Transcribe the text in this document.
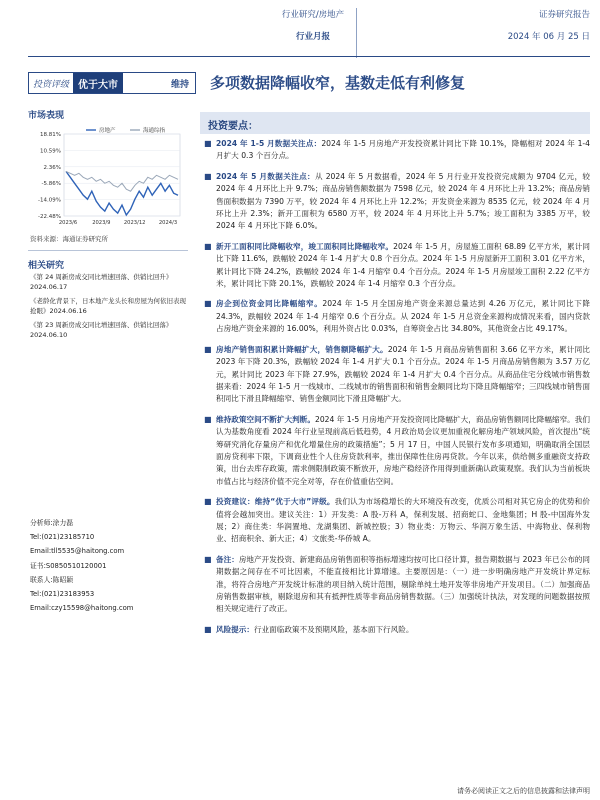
行业研究/房地产
行业月报
证券研究报告
2024 年 06 月 25 日
投资评级 优于大市	维持	多项数据降幅收窄，基数走低有利修复
市场表现
18.81%
10.59%
2.36%
-5.86%
-14.09%
-22.48%
2023/6	2023/9	2023/12	2024/3
房地产	海通综指
资料来源：海通证券研究所
相关研究
《第 24 周新房成交同比增速回落、供销比回升》2024.06.17
《老龄化背景下，日本地产龙头长和房屋为何依旧表现抢眼》2024.06.16
《第 23 周新房成交同比增速回落、供销比回落》2024.06.10
分析师:涂力磊
Tel:(021)23185710
Email:tll5535@haitong.com
证书:S0850510120001
联系人:陈昭颖
Tel:(021)23183953
Email:czy15598@haitong.com
投资要点：
■ 2024 年 1-5 月数据关注点：2024 年 1-5 月房地产开发投资累计同比下降 10.1%，降幅相对 2024 年 1-4 月扩大 0.3 个百分点。
■ 2024 年 5 月数据关注点：从 2024 年 5 月数据看，2024 年 5 月行业开发投资完成额为 9704 亿元，较 2024 年 4 月环比上升 9.7%；商品房销售额数据为 7598 亿元，较 2024 年 4 月环比上升 13.2%；商品房销售面积数据为 7390 万平，较 2024 年 4 月环比上升 12.2%；开发资金来源为 8535 亿元，较 2024 年 4 月环比上升 2.3%；新开工面积为 6580 万平，较 2024 年 4 月环比上升 5.7%；竣工面积为 3385 万平，较 2024 年 4 月环比下降 6.0%。
■ 新开工面积同比降幅收窄，竣工面积同比降幅收窄。2024 年 1-5 月，房屋施工面积 68.89 亿平方米，累计同比下降 11.6%，跌幅较 2024 年 1-4 月扩大 0.8 个百分点。2024 年 1-5 月房屋新开工面积 3.01 亿平方米，累计同比下降 24.2%，跌幅较 2024 年 1-4 月缩窄 0.4 个百分点。2024 年 1-5 月房屋竣工面积 2.22 亿平方米，累计同比下降 20.1%，跌幅较 2024 年 1-4 月缩窄 0.3 个百分点。
■ 房企到位资金同比降幅缩窄。2024 年 1-5 月全国房地产资金来源总量达到 4.26 万亿元，累计同比下降 24.3%，跌幅较 2024 年 1-4 月缩窄 0.6 个百分点。从 2024 年 1-5 月总资金来源构成情况来看，国内贷款占房地产资金来源的 16.00%，利用外资占比 0.03%，自筹资金占比 34.80%，其他资金占比 49.17%。
■ 房地产销售面积累计降幅扩大，销售额降幅扩大。2024 年 1-5 月商品房销售面积 3.66 亿平方米，累计同比 2023 年下降 20.3%，跌幅较 2024 年 1-4 月扩大 0.1 个百分点。2024 年 1-5 月商品房销售额为 3.57 万亿元，累计同比 2023 年下降 27.9%，跌幅较 2024 年 1-4 月扩大 0.4 个百分点。从商品住宅分线城市销售数据来看：2024 年 1-5 月一线城市、二线城市的销售面积和销售金额同比均下降且降幅缩窄；三四线城市销售面积同比下滑且降幅缩窄、销售金额同比下滑且降幅扩大。
■ 维持政策空间不断扩大判断。2024 年 1-5 月房地产开发投资同比降幅扩大，商品房销售额同比降幅缩窄。我们认为基数角度看 2024 年行业呈现前高后低趋势，4 月政治局会议更加重视化解房地产领域风险，首次提出“统筹研究消化存量房产和优化增量住房的政策措施”；5 月 17 日，中国人民银行发布多项通知，明确取消全国层面房贷利率下限，下调商业性个人住房贷款利率，推出保障性住房再贷款。今年以来，供给侧多重融资支持政策，出台去库存政策，需求侧限制政策不断放开，房地产稳经济作用得到重新确认政策观察。我们认为当前板块市值占比与经济价值不完全对等，存在价值重估空间。
■ 投资建议：维持“优于大市”评级。我们认为市场稳增长的大环境没有改变，优质公司相对其它房企的优势和价值将会越加突出。建议关注：1）开发类：A 股-万科 A，保利发展、招商蛇口、金地集团；H 股-中国海外发展；2）商住类：华润置地、龙湖集团、新城控股；3）物业类：万物云、华润万象生活、中海物业、保利物业、招商积余、新大正；4）文旅类-华侨城 A。
■ 备注：房地产开发投资、新建商品房销售面积等指标增速均按可比口径计算，报告期数据与 2023 年已公布的同期数据之间存在不可比因素，不能直接相比计算增速。主要原因是：（一）进一步明确房地产开发统计界定标准，将符合房地产开发统计标准的项目纳入统计范围，剔除单纯土地开发等非房地产开发项目。（二）加强商品房销售数据审核，剔除退房和其有抵押性质等非商品房销售数据。（三）加强统计执法，对发现的问题数据按照相关规定进行了改正。
■ 风险提示：行业面临政策不及预期风险，基本面下行风险。
请务必阅读正文之后的信息披露和法律声明
